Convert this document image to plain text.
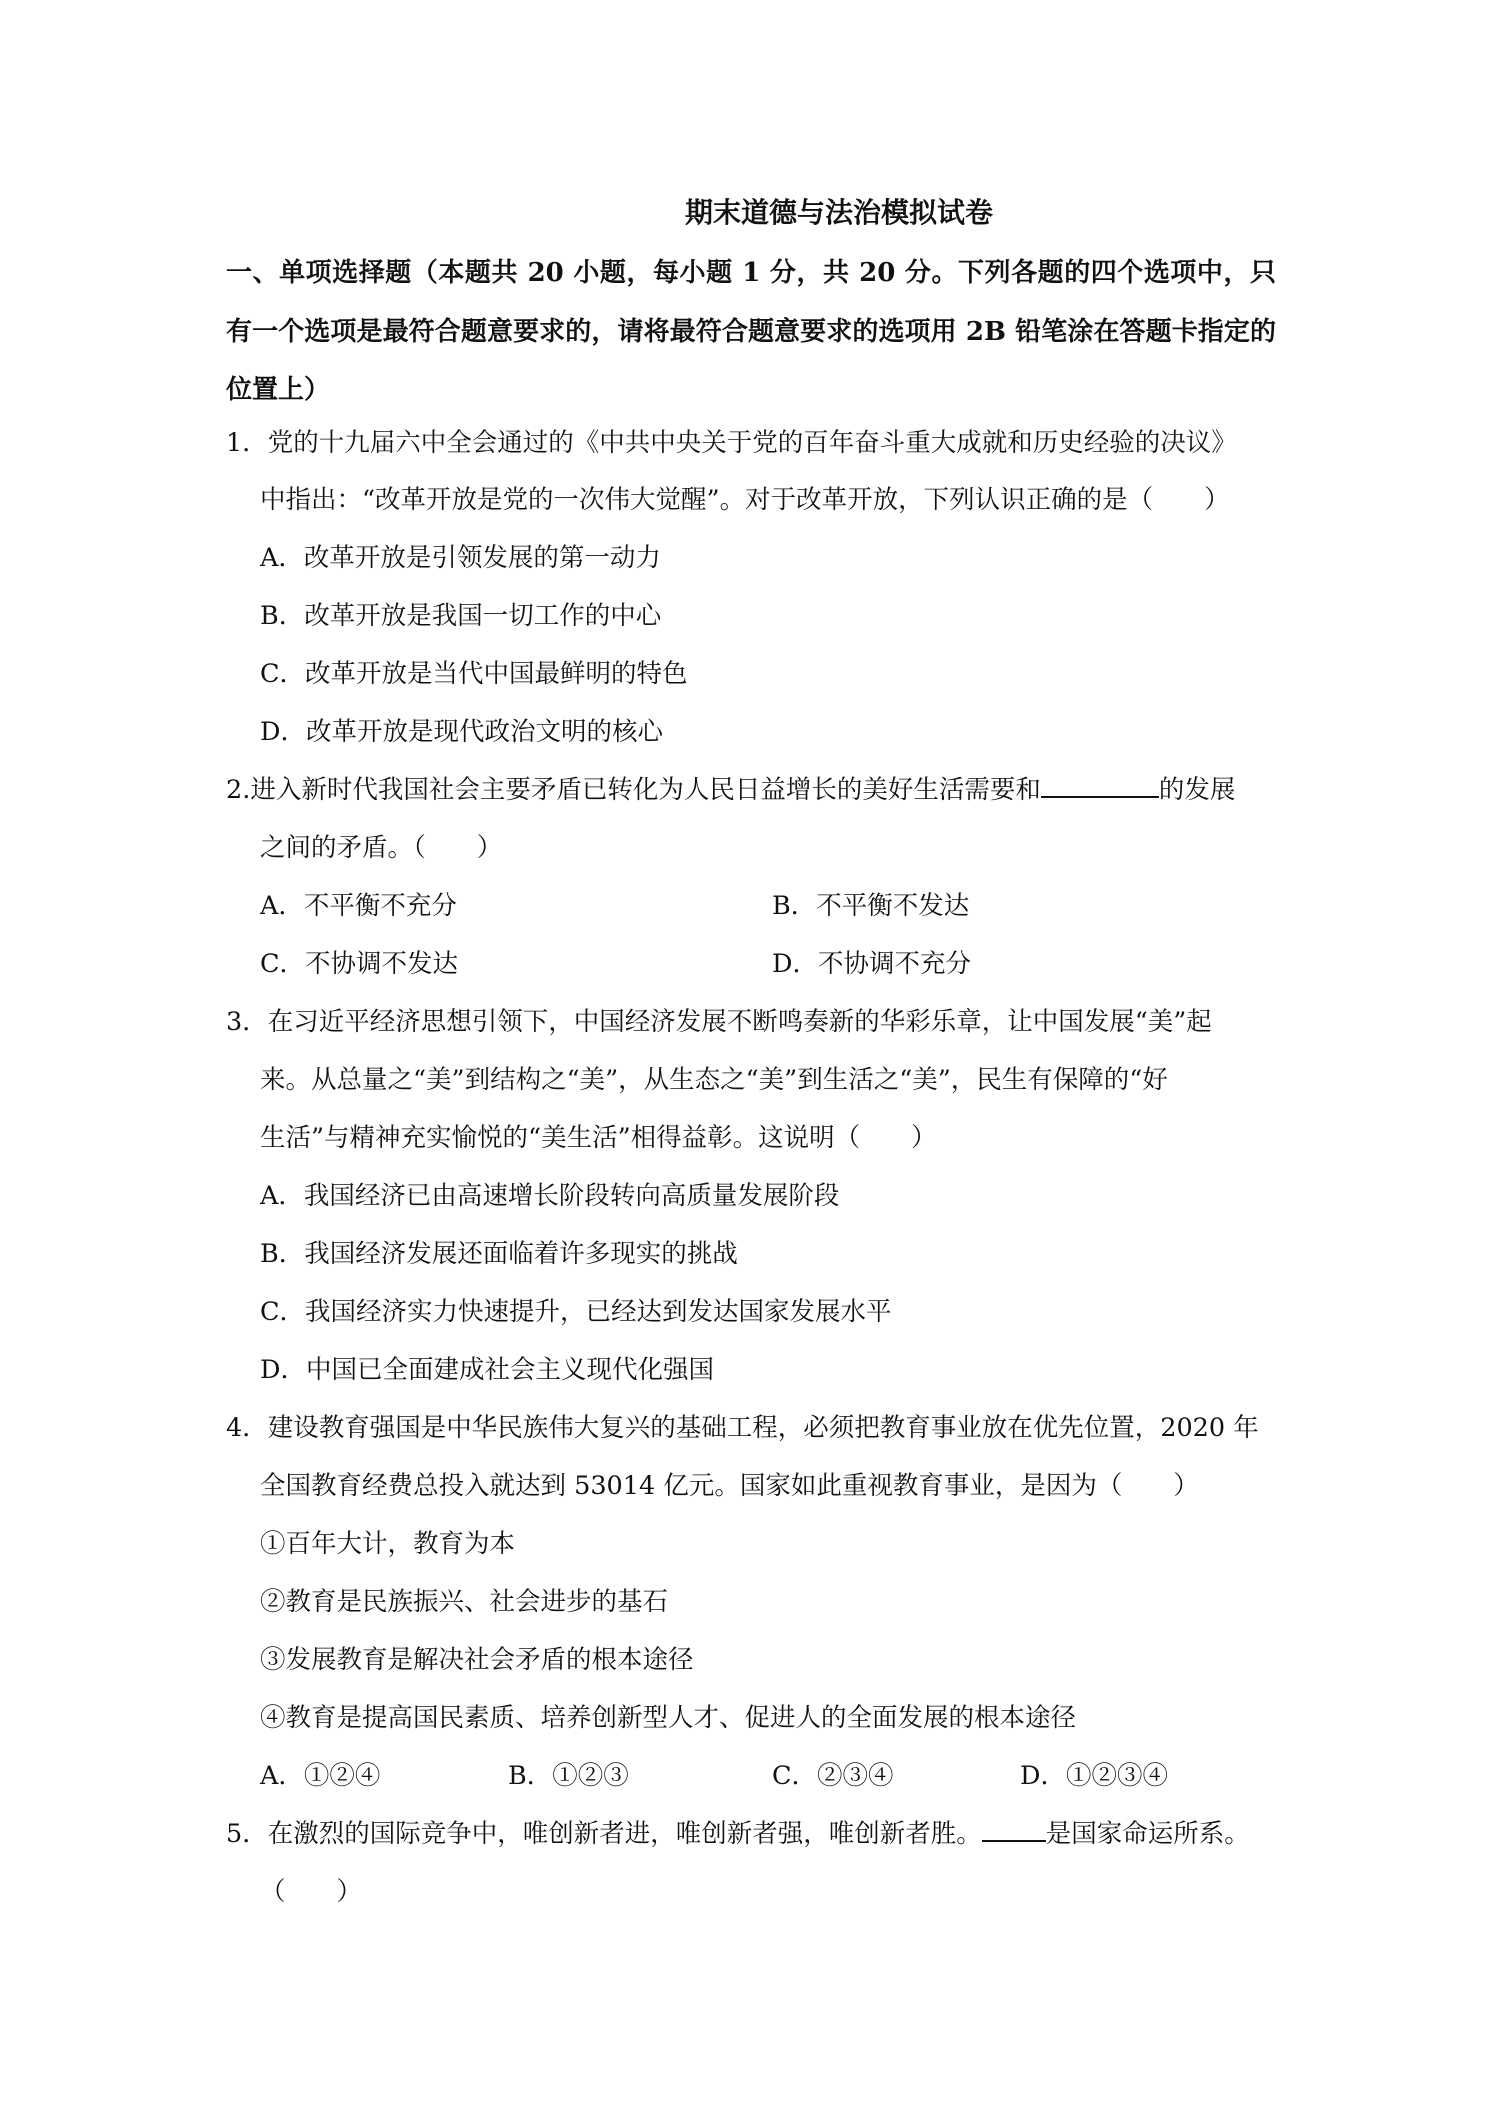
期末道德与法治模拟试卷
一、单项选择题（本题共 20 小题，每小题 1 分，共 20 分。下列各题的四个选项中，只有一个选项是最符合题意要求的，请将最符合题意要求的选项用 2B 铅笔涂在答题卡指定的位置上）
1．党的十九届六中全会通过的《中共中央关于党的百年奋斗重大成就和历史经验的决议》
中指出：“改革开放是党的一次伟大觉醒”。对于改革开放，下列认识正确的是（　　）
A．改革开放是引领发展的第一动力
B．改革开放是我国一切工作的中心
C．改革开放是当代中国最鲜明的特色
D．改革开放是现代政治文明的核心
2.进入新时代我国社会主要矛盾已转化为人民日益增长的美好生活需要和	的发展
之间的矛盾。（　　）
A．不平衡不充分	B．不平衡不发达
C．不协调不发达	D．不协调不充分
3．在习近平经济思想引领下，中国经济发展不断鸣奏新的华彩乐章，让中国发展“美”起
来。从总量之“美”到结构之“美”，从生态之“美”到生活之“美”，民生有保障的“好
生活”与精神充实愉悦的“美生活”相得益彰。这说明（　　）
A．我国经济已由高速增长阶段转向高质量发展阶段
B．我国经济发展还面临着许多现实的挑战
C．我国经济实力快速提升，已经达到发达国家发展水平
D．中国已全面建成社会主义现代化强国
4．建设教育强国是中华民族伟大复兴的基础工程，必须把教育事业放在优先位置，2020 年
全国教育经费总投入就达到 53014 亿元。国家如此重视教育事业，是因为（　　）
①百年大计，教育为本
②教育是民族振兴、社会进步的基石
③发展教育是解决社会矛盾的根本途径
④教育是提高国民素质、培养创新型人才、促进人的全面发展的根本途径
A．①②④	B．①②③	C．②③④	D．①②③④
5．在激烈的国际竞争中，唯创新者进，唯创新者强，唯创新者胜。	是国家命运所系。
（　　）
